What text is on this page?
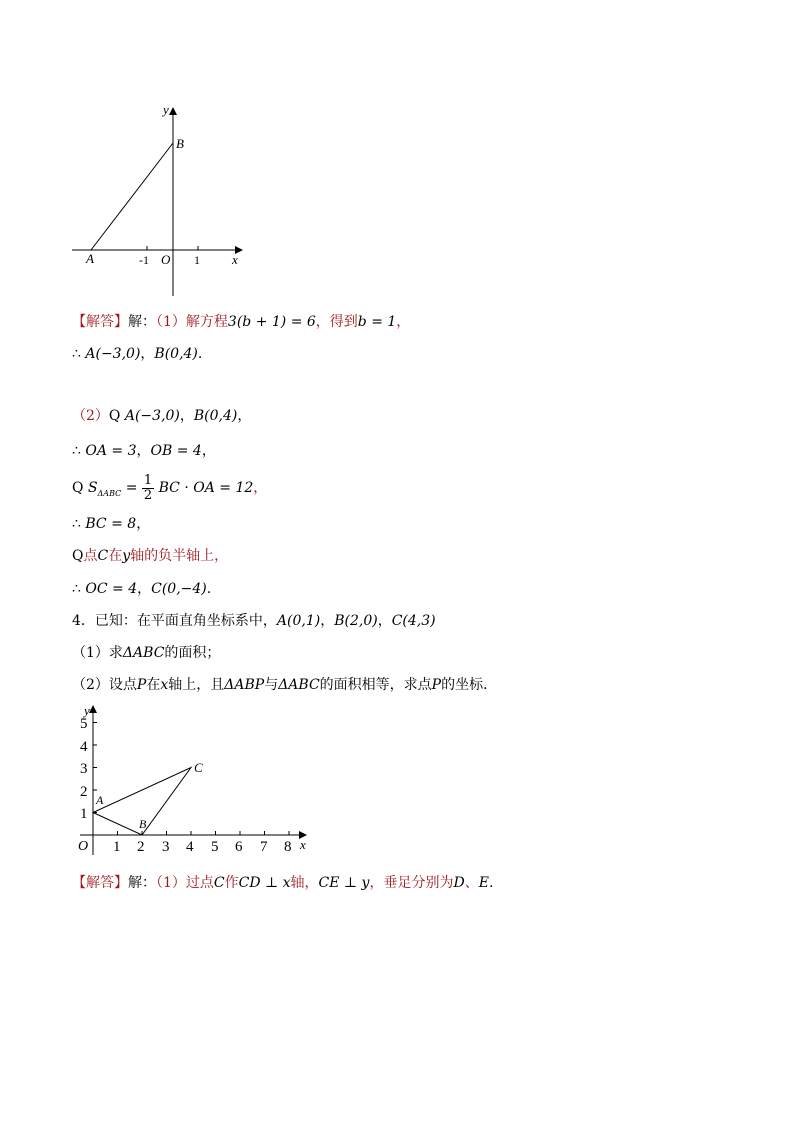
y
B
A	-1 O 1 x
【解答】解：（1）解方程3(b + 1) = 6，得到b = 1，
∴ A(−3,0)，B(0,4).
（2）Q A(−3,0)，B(0,4)，
∴ OA = 3，OB = 4，
Q $S_{\Delta ABC} = \frac{1}{2}$ BC · OA = 12，
∴ BC = 8，
Q点C在y轴的负半轴上，
∴ OC = 4，C(0,−4).
4．已知：在平面直角坐标系中，A(0,1)，B(2,0)，C(4,3)
（1）求ΔABC的面积；
（2）设点P在x轴上，且ΔABP与ΔABC的面积相等，求点P的坐标．
y
x
O
1
2
3
4
5
1 2 3 4 5 6 7 8
A
B
C
【解答】解：（1）过点C作CD ⊥ x轴，CE ⊥ y，垂足分别为D、E.
